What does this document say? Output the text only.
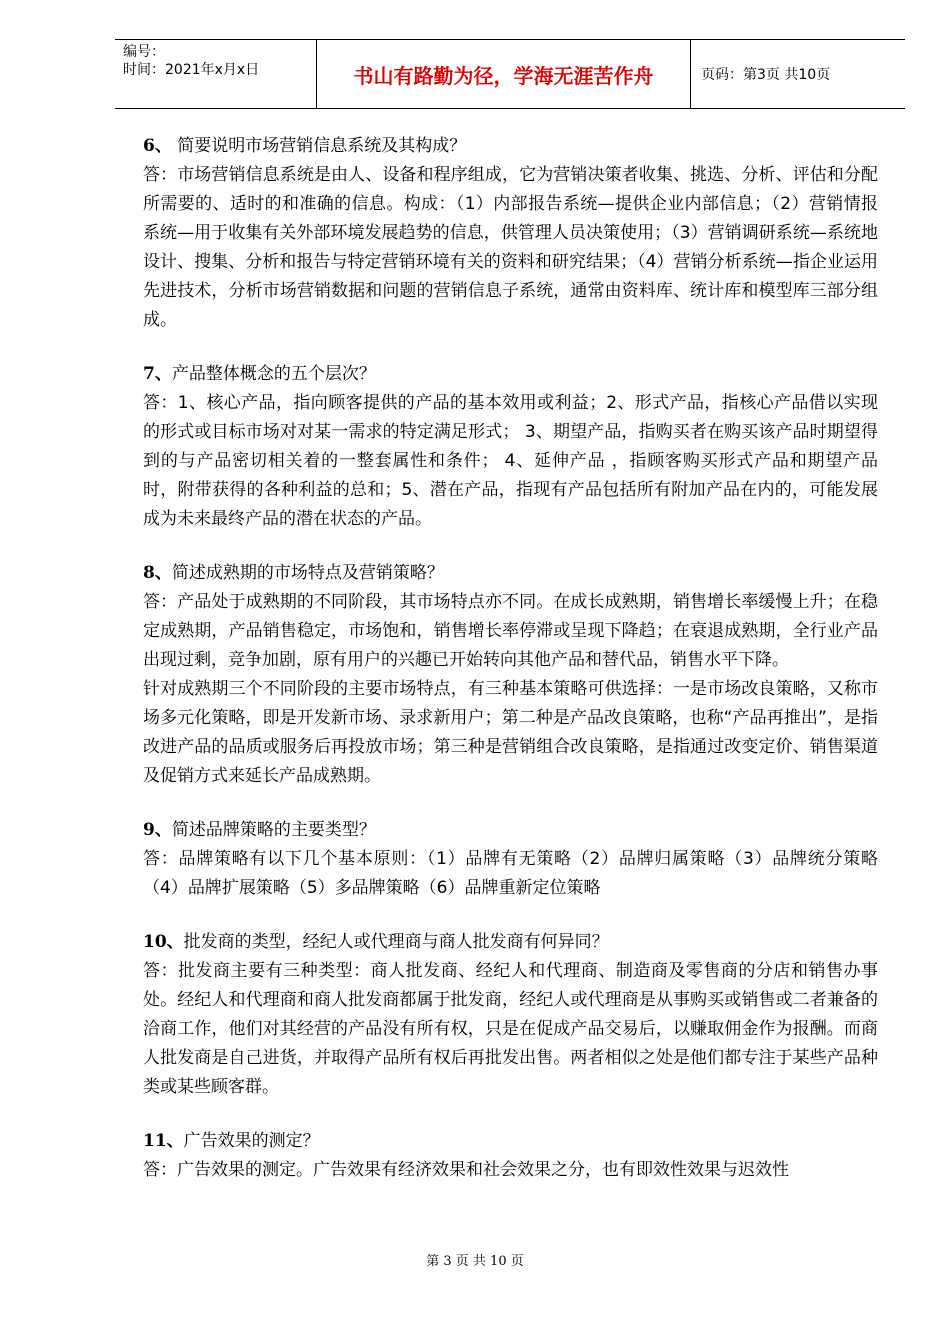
编号：
时间：2021年x月x日	书山有路勤为径，学海无涯苦作舟	页码：第3页 共10页

6、 简要说明市场营销信息系统及其构成？

答：市场营销信息系统是由人、设备和程序组成，它为营销决策者收集、挑选、分析、评估和分配所需要的、适时的和准确的信息。构成：（1）内部报告系统—提供企业内部信息；（2）营销情报系统—用于收集有关外部环境发展趋势的信息，供管理人员决策使用；（3）营销调研系统—系统地设计、搜集、分析和报告与特定营销环境有关的资料和研究结果；（4）营销分析系统—指企业运用先进技术，分析市场营销数据和问题的营销信息子系统，通常由资料库、统计库和模型库三部分组成。

7、产品整体概念的五个层次？

答：1、核心产品，指向顾客提供的产品的基本效用或利益；2、形式产品，指核心产品借以实现的形式或目标市场对对某一需求的特定满足形式； 3、期望产品，指购买者在购买该产品时期望得到的与产品密切相关着的一整套属性和条件； 4、延伸产品 ，指顾客购买形式产品和期望产品时，附带获得的各种利益的总和；5、潜在产品，指现有产品包括所有附加产品在内的，可能发展成为未来最终产品的潜在状态的产品。

8、简述成熟期的市场特点及营销策略？

答：产品处于成熟期的不同阶段，其市场特点亦不同。在成长成熟期，销售增长率缓慢上升；在稳定成熟期，产品销售稳定，市场饱和，销售增长率停滞或呈现下降趋；在衰退成熟期，全行业产品出现过剩，竞争加剧，原有用户的兴趣已开始转向其他产品和替代品，销售水平下降。

针对成熟期三个不同阶段的主要市场特点，有三种基本策略可供选择：一是市场改良策略，又称市场多元化策略，即是开发新市场、录求新用户；第二种是产品改良策略，也称“产品再推出”，是指改进产品的品质或服务后再投放市场；第三种是营销组合改良策略，是指通过改变定价、销售渠道及促销方式来延长产品成熟期。

9、简述品牌策略的主要类型？

答：品牌策略有以下几个基本原则：（1）品牌有无策略（2）品牌归属策略（3）品牌统分策略（4）品牌扩展策略（5）多品牌策略（6）品牌重新定位策略

10、批发商的类型，经纪人或代理商与商人批发商有何异同？

答：批发商主要有三种类型：商人批发商、经纪人和代理商、制造商及零售商的分店和销售办事处。经纪人和代理商和商人批发商都属于批发商，经纪人或代理商是从事购买或销售或二者兼备的洽商工作，他们对其经营的产品没有所有权，只是在促成产品交易后，以赚取佣金作为报酬。而商人批发商是自己进货，并取得产品所有权后再批发出售。两者相似之处是他们都专注于某些产品种类或某些顾客群。

11、广告效果的测定？

答：广告效果的测定。广告效果有经济效果和社会效果之分，也有即效性效果与迟效性

第 3 页 共 10 页
